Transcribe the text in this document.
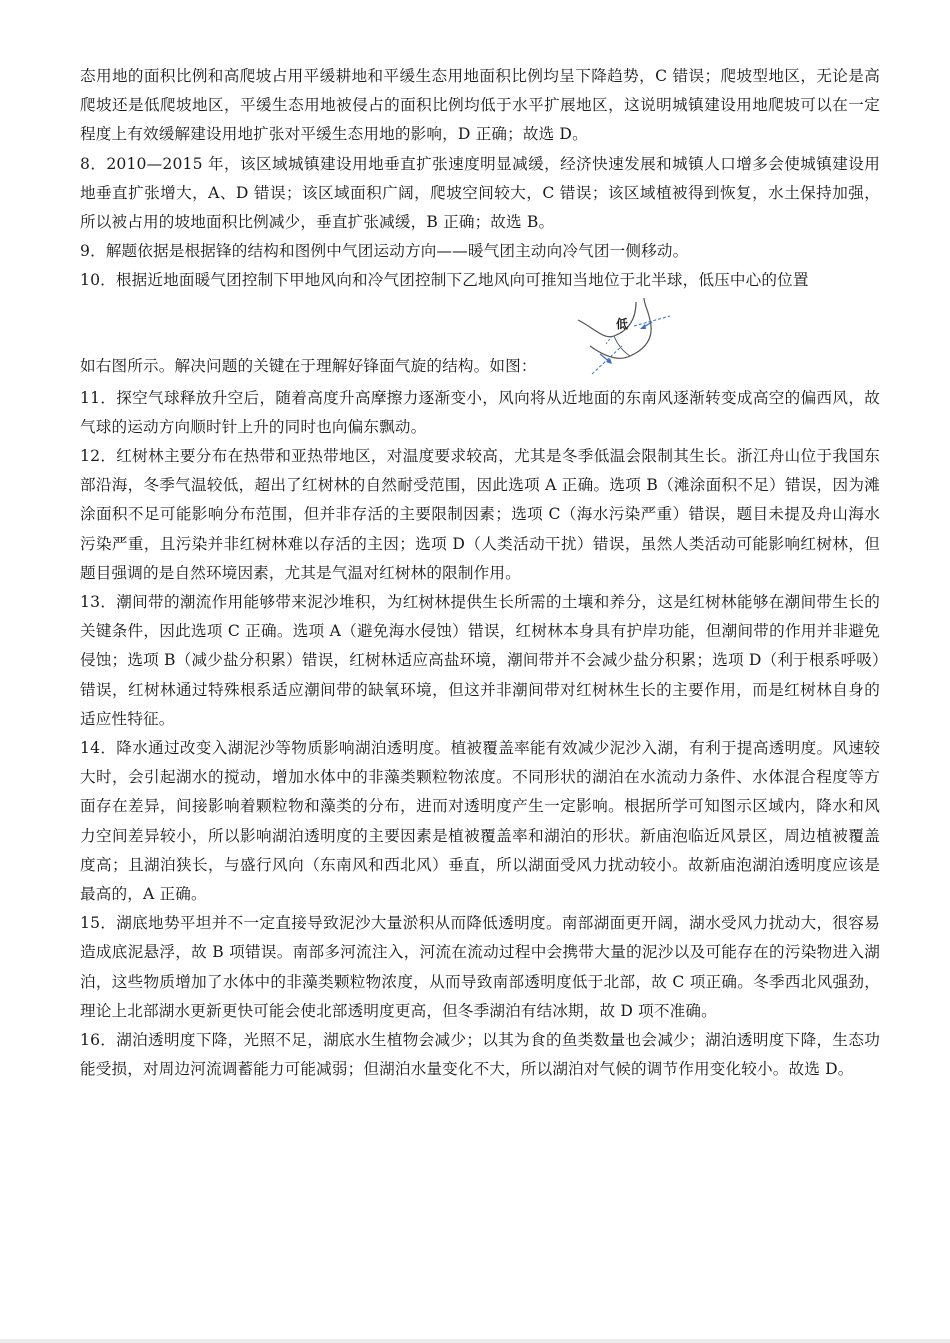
态用地的面积比例和高爬坡占用平缓耕地和平缓生态用地面积比例均呈下降趋势，C 错误；爬坡型地区，无论是高爬坡还是低爬坡地区，平缓生态用地被侵占的面积比例均低于水平扩展地区，这说明城镇建设用地爬坡可以在一定程度上有效缓解建设用地扩张对平缓生态用地的影响，D 正确；故选 D。

8．2010—2015 年，该区域城镇建设用地垂直扩张速度明显减缓，经济快速发展和城镇人口增多会使城镇建设用地垂直扩张增大，A、D 错误；该区域面积广阔，爬坡空间较大，C 错误；该区域植被得到恢复，水土保持加强，所以被占用的坡地面积比例减少，垂直扩张减缓，B 正确；故选 B。

9．解题依据是根据锋的结构和图例中气团运动方向——暖气团主动向冷气团一侧移动。

10．根据近地面暖气团控制下甲地风向和冷气团控制下乙地风向可推知当地位于北半球，低压中心的位置

低
如右图所示。解决问题的关键在于理解好锋面气旋的结构。如图：

11．探空气球释放升空后，随着高度升高摩擦力逐渐变小，风向将从近地面的东南风逐渐转变成高空的偏西风，故气球的运动方向顺时针上升的同时也向偏东飘动。

12．红树林主要分布在热带和亚热带地区，对温度要求较高，尤其是冬季低温会限制其生长。浙江舟山位于我国东部沿海，冬季气温较低，超出了红树林的自然耐受范围，因此选项 A 正确。选项 B（滩涂面积不足）错误，因为滩涂面积不足可能影响分布范围，但并非存活的主要限制因素；选项 C（海水污染严重）错误，题目未提及舟山海水污染严重，且污染并非红树林难以存活的主因；选项 D（人类活动干扰）错误，虽然人类活动可能影响红树林，但题目强调的是自然环境因素，尤其是气温对红树林的限制作用。

13．潮间带的潮流作用能够带来泥沙堆积，为红树林提供生长所需的土壤和养分，这是红树林能够在潮间带生长的关键条件，因此选项 C 正确。选项 A（避免海水侵蚀）错误，红树林本身具有护岸功能，但潮间带的作用并非避免侵蚀；选项 B（减少盐分积累）错误，红树林适应高盐环境，潮间带并不会减少盐分积累；选项 D（利于根系呼吸）错误，红树林通过特殊根系适应潮间带的缺氧环境，但这并非潮间带对红树林生长的主要作用，而是红树林自身的适应性特征。

14．降水通过改变入湖泥沙等物质影响湖泊透明度。植被覆盖率能有效减少泥沙入湖，有利于提高透明度。风速较大时，会引起湖水的搅动，增加水体中的非藻类颗粒物浓度。不同形状的湖泊在水流动力条件、水体混合程度等方面存在差异，间接影响着颗粒物和藻类的分布，进而对透明度产生一定影响。根据所学可知图示区域内，降水和风力空间差异较小，所以影响湖泊透明度的主要因素是植被覆盖率和湖泊的形状。新庙泡临近风景区，周边植被覆盖度高；且湖泊狭长，与盛行风向（东南风和西北风）垂直，所以湖面受风力扰动较小。故新庙泡湖泊透明度应该是最高的，A 正确。

15．湖底地势平坦并不一定直接导致泥沙大量淤积从而降低透明度。南部湖面更开阔，湖水受风力扰动大，很容易造成底泥悬浮，故 B 项错误。南部多河流注入，河流在流动过程中会携带大量的泥沙以及可能存在的污染物进入湖泊，这些物质增加了水体中的非藻类颗粒物浓度，从而导致南部透明度低于北部，故 C 项正确。冬季西北风强劲，理论上北部湖水更新更快可能会使北部透明度更高，但冬季湖泊有结冰期，故 D 项不准确。

16．湖泊透明度下降，光照不足，湖底水生植物会减少；以其为食的鱼类数量也会减少；湖泊透明度下降，生态功能受损，对周边河流调蓄能力可能减弱；但湖泊水量变化不大，所以湖泊对气候的调节作用变化较小。故选 D。
